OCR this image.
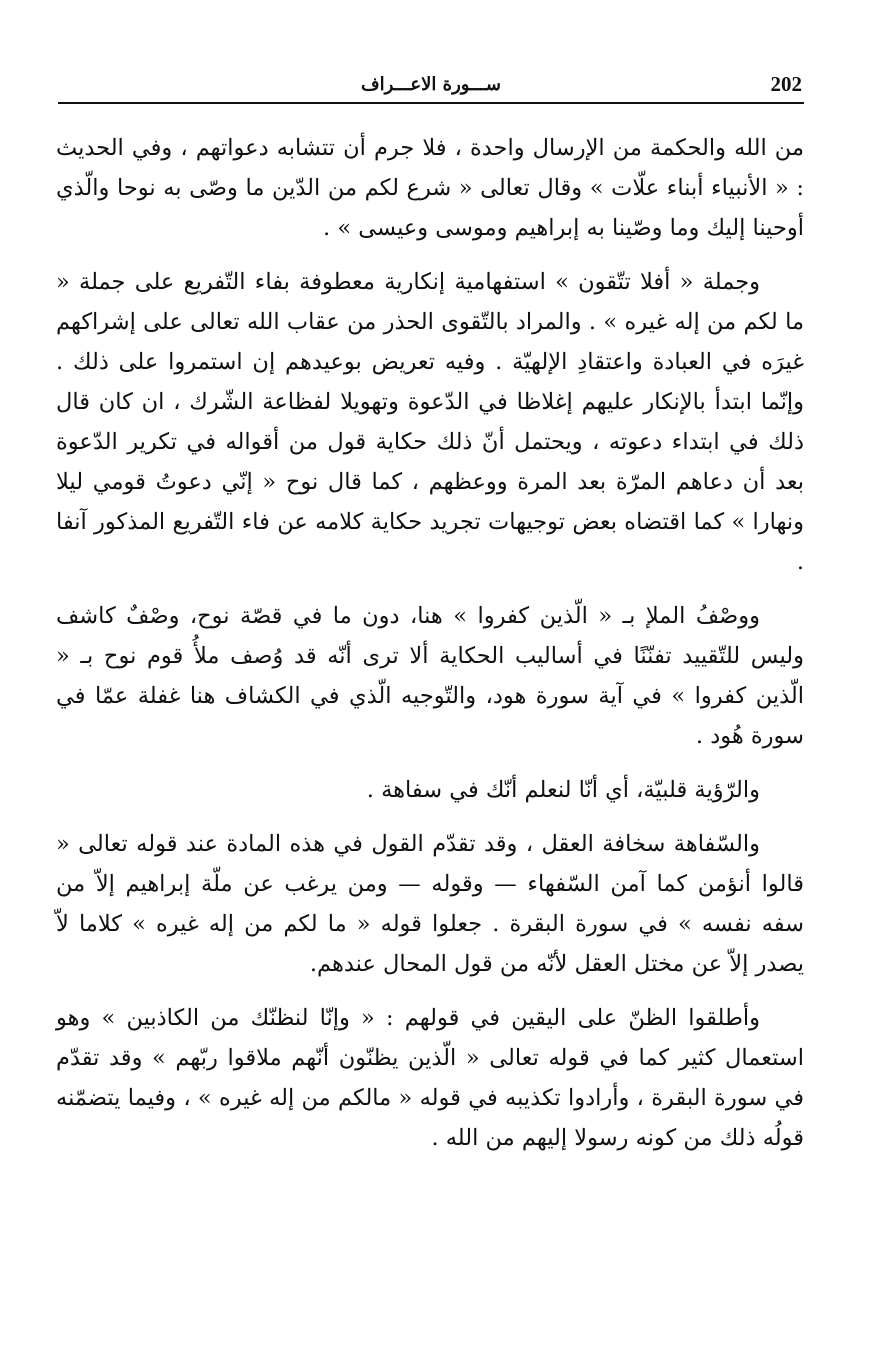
202
ســـورة الاعـــراف

من الله والحكمة من الإرسال واحدة ، فلا جرم أن تتشابه دعواتهم ، وفي الحديث : « الأنبياء أبناء علّات » وقال تعالى « شرع لكم من الدّين ما وصّى به نوحا والّذي أوحينا إليك وما وصّينا به إبراهيم وموسى وعيسى » .

وجملة « أفلا تتّقون » استفهامية إنكارية معطوفة بفاء التّفريع على جملة « ما لكم من إله غيره » . والمراد بالتّقوى الحذر من عقاب الله تعالى على إشراكهم غيرَه في العبادة واعتقادِ الإلهيّة . وفيه تعريض بوعيدهم إن استمروا على ذلك . وإنّما ابتدأ بالإنكار عليهم إغلاظا في الدّعوة وتهويلا لفظاعة الشّرك ، ان كان قال ذلك في ابتداء دعوته ، ويحتمل أنّ ذلك حكاية قول من أقواله في تكرير الدّعوة بعد أن دعاهم المرّة بعد المرة ووعظهم ، كما قال نوح « إنّي دعوتُ قومي ليلا ونهارا » كما اقتضاه بعض توجيهات تجريد حكاية كلامه عن فاء التّفريع المذكور آنفا .

ووصْفُ الملإ بـ « الّذين كفروا » هنا، دون ما في قصّة نوح، وصْفٌ كاشف وليس للتّقييد تفنّنًا في أساليب الحكاية ألا ترى أنّه قد وُصف ملأُ قوم نوح بـ « الّذين كفروا » في آية سورة هود، والتّوجيه الّذي في الكشاف هنا غفلة عمّا في سورة هُود .

والرّؤية قلبيّة، أي أنّا لنعلم أنّك في سفاهة .

والسّفاهة سخافة العقل ، وقد تقدّم القول في هذه المادة عند قوله تعالى « قالوا أنؤمن كما آمن السّفهاء — وقوله — ومن يرغب عن ملّة إبراهيم إلاّ من سفه نفسه » في سورة البقرة . جعلوا قوله « ما لكم من إله غيره » كلاما لاّ يصدر إلاّ عن مختل العقل لأنّه من قول المحال عندهم.

وأطلقوا الظنّ على اليقين في قولهم : « وإنّا لنظنّك من الكاذبين » وهو استعمال كثير كما في قوله تعالى « الّذين يظنّون أنّهم ملاقوا ربّهم » وقد تقدّم في سورة البقرة ، وأرادوا تكذيبه في قوله « مالكم من إله غيره » ، وفيما يتضمّنه قولُه ذلك من كونه رسولا إليهم من الله .
